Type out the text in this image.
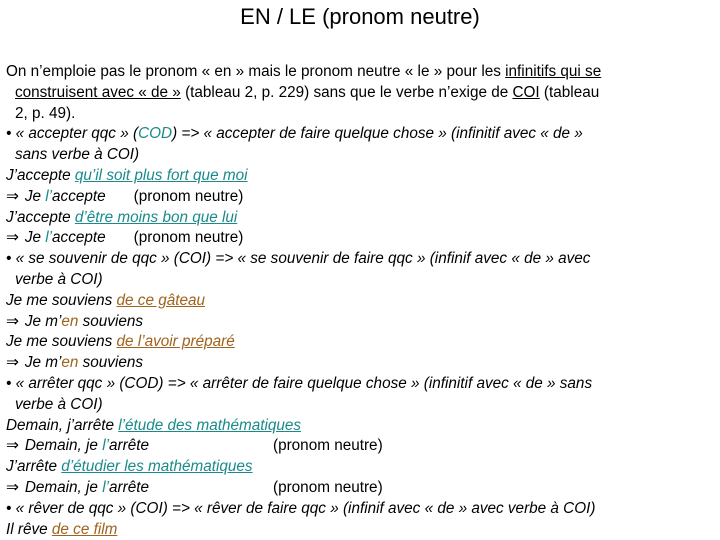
EN / LE (pronom neutre)
On n’emploie pas le pronom « en » mais le pronom neutre « le » pour les infinitifs qui se
construisent avec « de » (tableau 2, p. 229) sans que le verbe n’exige de COI (tableau
2, p. 49).
• « accepter qqc » (COD) => « accepter de faire quelque chose » (infinitif avec « de »
sans verbe à COI)
J’accepte qu’il soit plus fort que moi
⇒ Je l’accepte (pronom neutre)
J’accepte d’être moins bon que lui
⇒ Je l’accepte (pronom neutre)
• « se souvenir de qqc » (COI) => « se souvenir de faire qqc » (infinif avec « de » avec
verbe à COI)
Je me souviens de ce gâteau
⇒ Je m’en souviens
Je me souviens de l’avoir préparé
⇒ Je m’en souviens
• « arrêter qqc » (COD) => « arrêter de faire quelque chose » (infinitif avec « de » sans
verbe à COI)
Demain, j’arrête l’étude des mathématiques
⇒ Demain, je l’arrête	(pronom neutre)
J’arrête d’étudier les mathématiques
⇒ Demain, je l’arrête	(pronom neutre)
• « rêver de qqc » (COI) => « rêver de faire qqc » (infinif avec « de » avec verbe à COI)
Il rêve de ce film
